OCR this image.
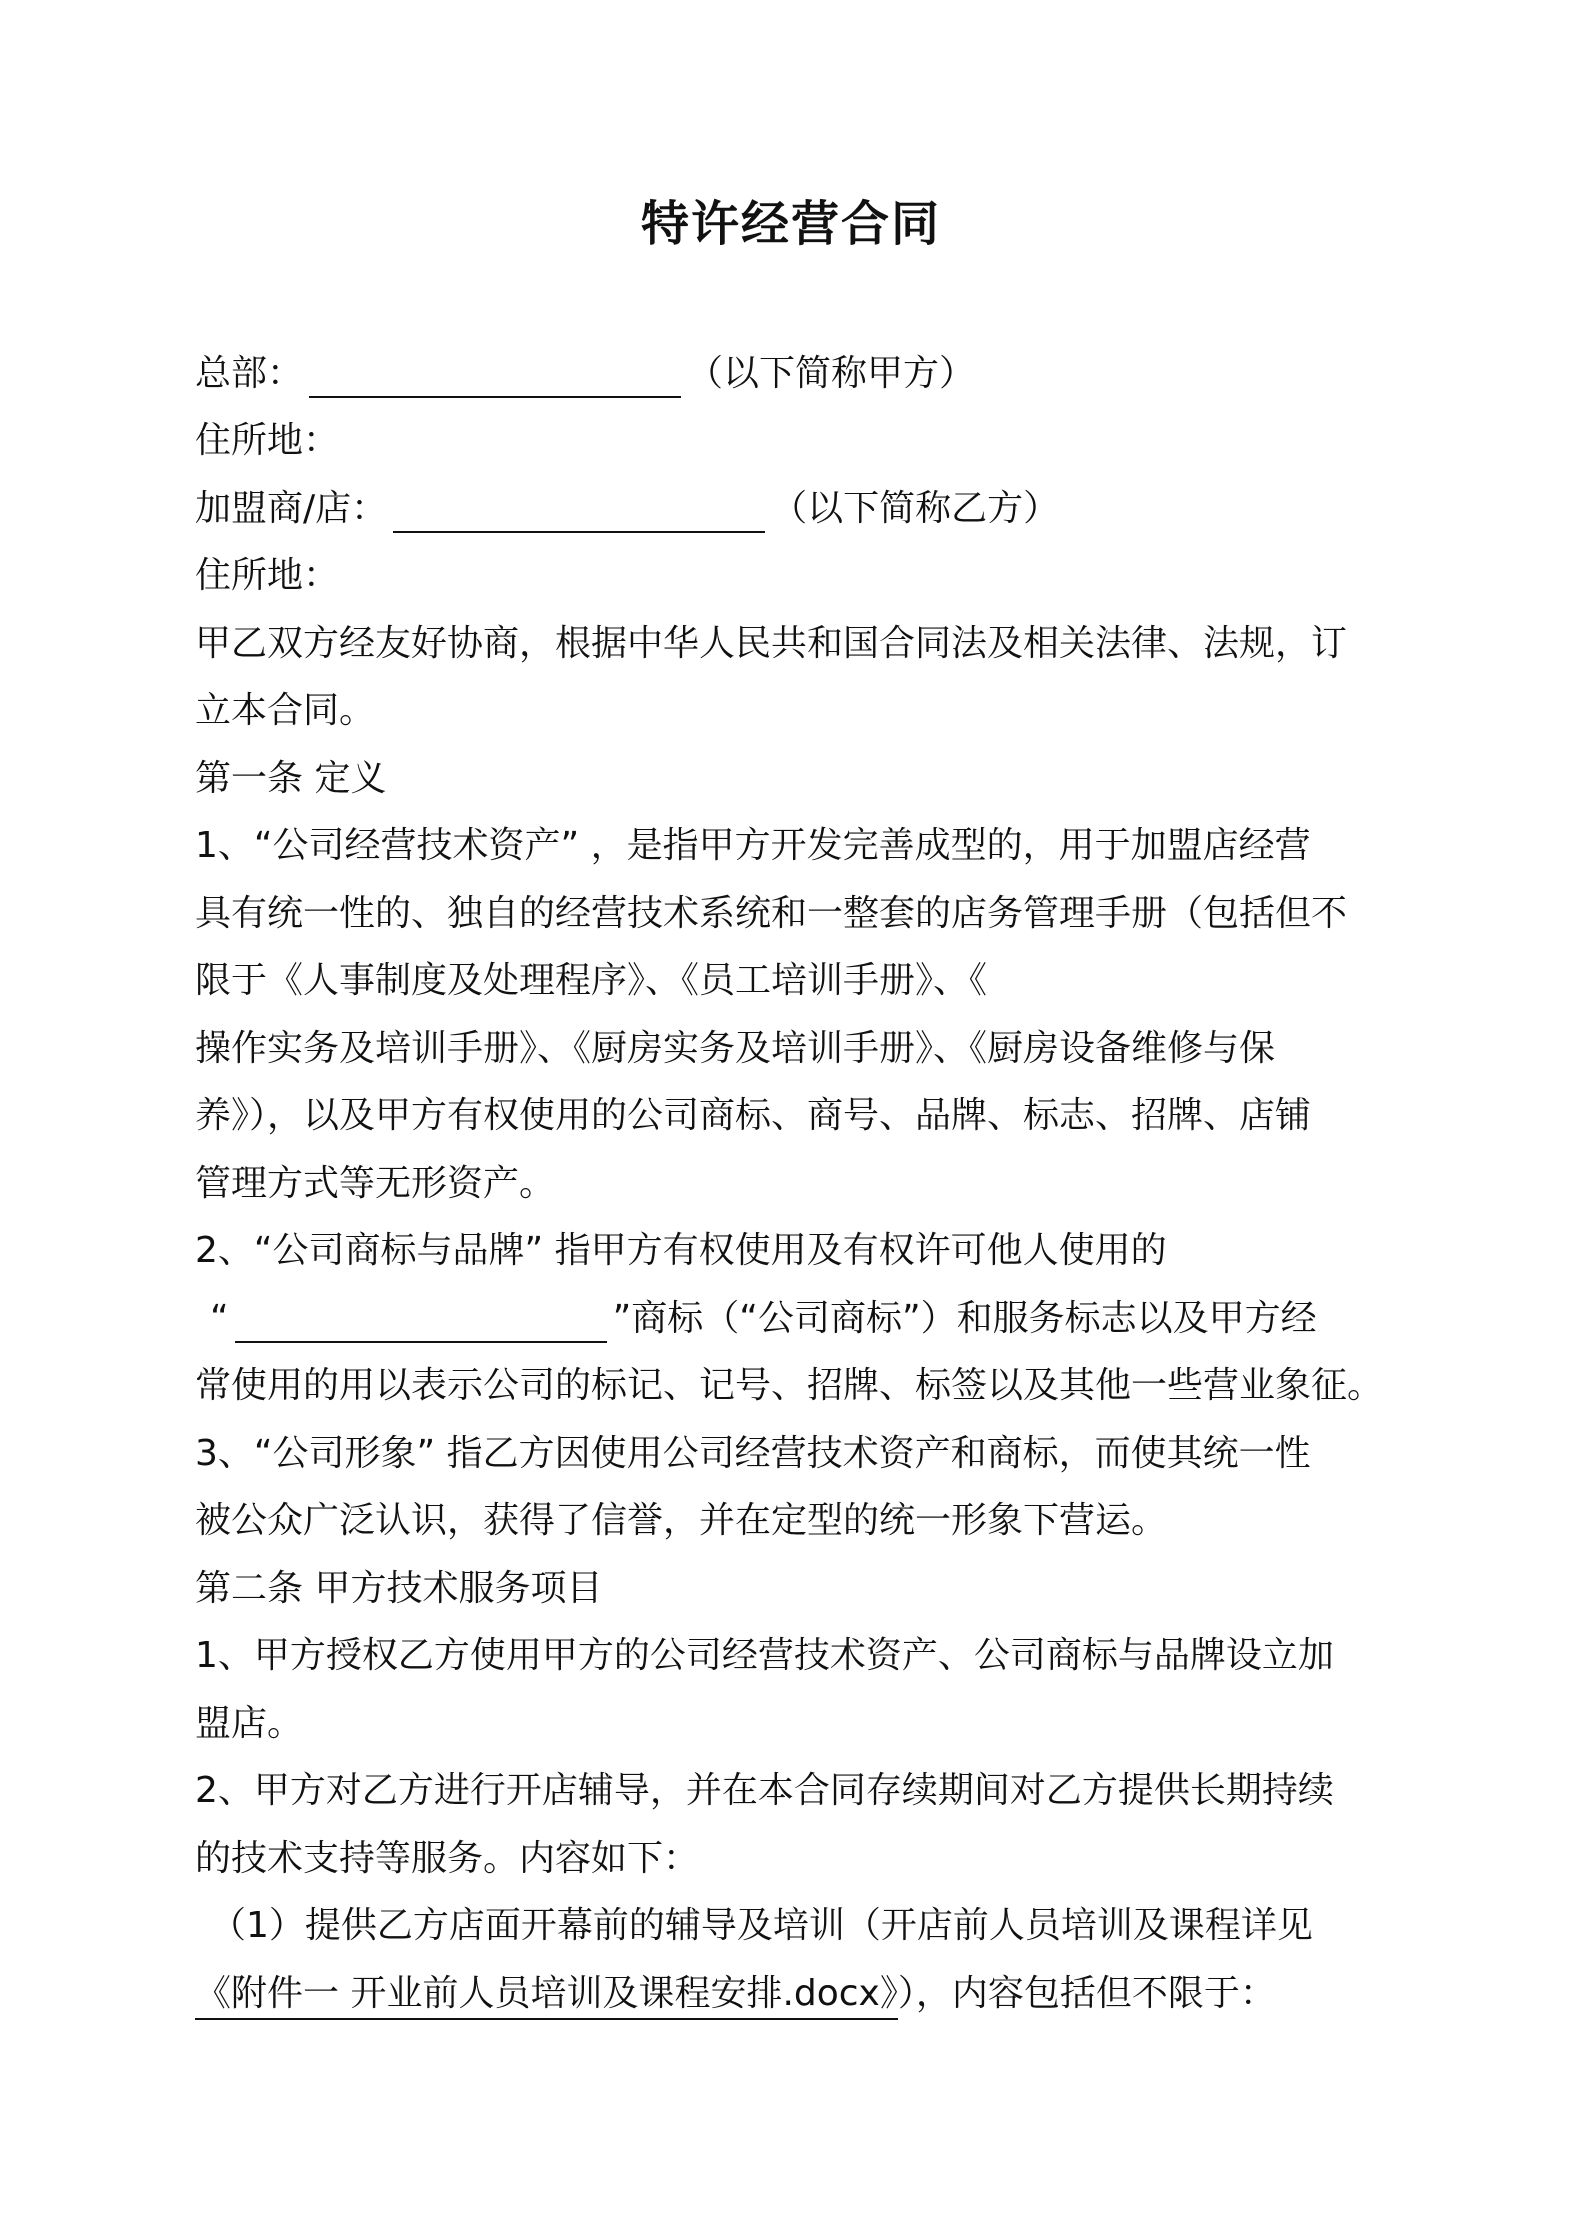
特许经营合同
总部：	（以下简称甲方）
住所地：
加盟商/店：	（以下简称乙方）
住所地：
甲乙双方经友好协商，根据中华人民共和国合同法及相关法律、法规，订
立本合同。
第一条 定义
1、“公司经营技术资产” ，是指甲方开发完善成型的，用于加盟店经营
具有统一性的、独自的经营技术系统和一整套的店务管理手册（包括但不
限于《人事制度及处理程序》、《员工培训手册》、《
操作实务及培训手册》、《厨房实务及培训手册》、《厨房设备维修与保
养》），以及甲方有权使用的公司商标、商号、品牌、标志、招牌、店铺
管理方式等无形资产。
2、“公司商标与品牌” 指甲方有权使用及有权许可他人使用的
“	”商标（“公司商标”）和服务标志以及甲方经
常使用的用以表示公司的标记、记号、招牌、标签以及其他一些营业象征。
3、“公司形象” 指乙方因使用公司经营技术资产和商标，而使其统一性
被公众广泛认识，获得了信誉，并在定型的统一形象下营运。
第二条 甲方技术服务项目
1、甲方授权乙方使用甲方的公司经营技术资产、公司商标与品牌设立加
盟店。
2、甲方对乙方进行开店辅导，并在本合同存续期间对乙方提供长期持续
的技术支持等服务。内容如下：
（1）提供乙方店面开幕前的辅导及培训（开店前人员培训及课程详见
《附件一 开业前人员培训及课程安排.docx》），内容包括但不限于：
